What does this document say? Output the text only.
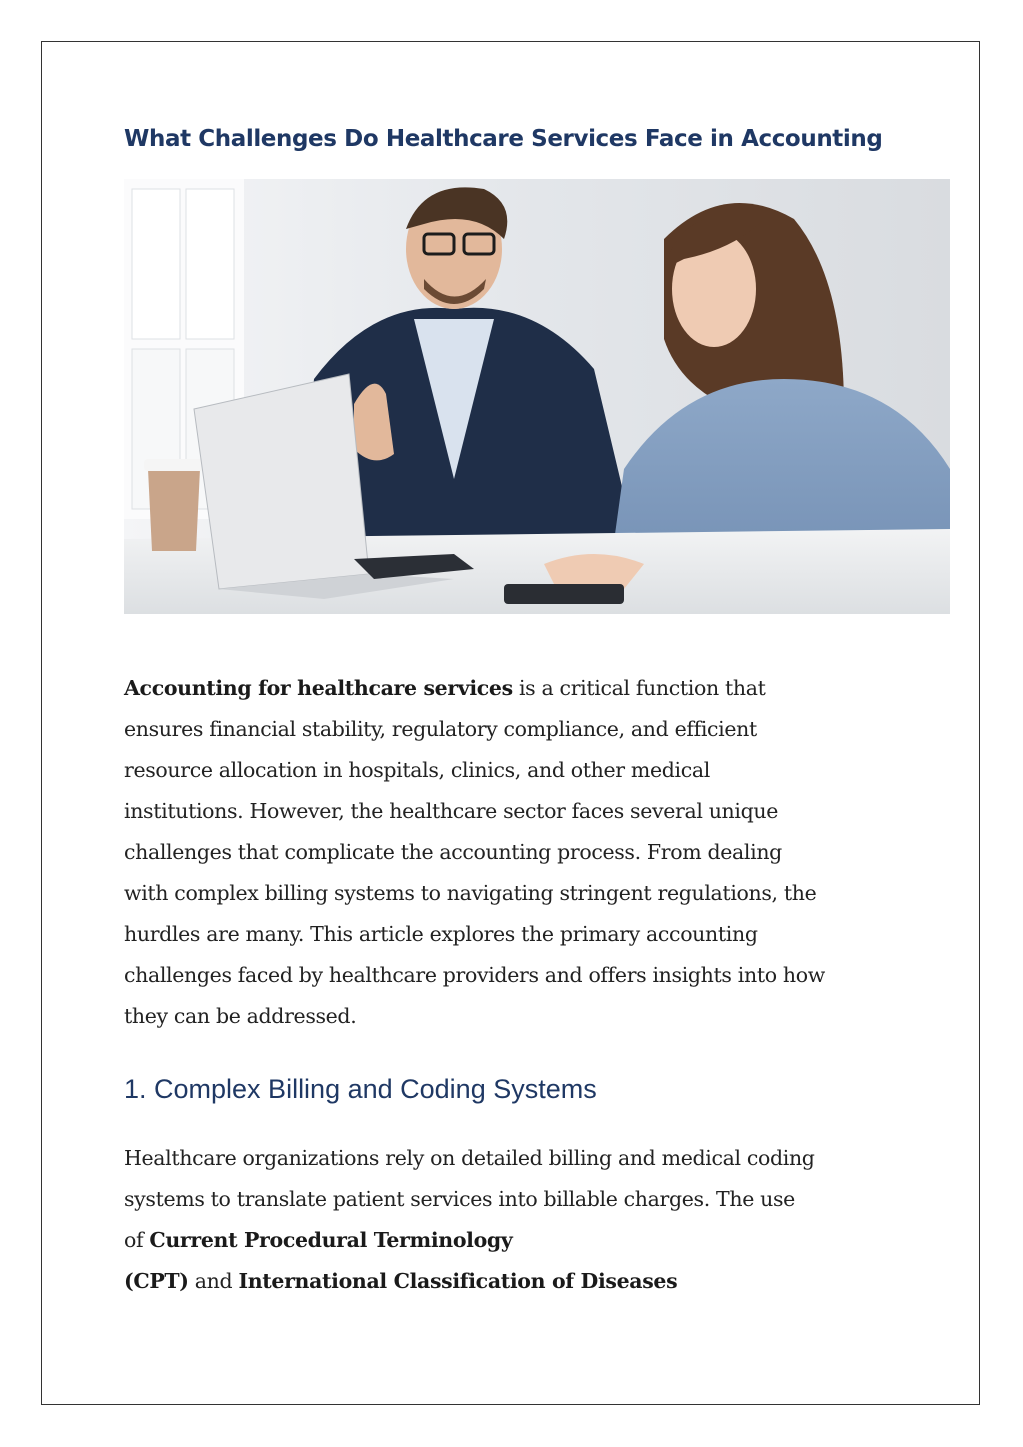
What Challenges Do Healthcare Services Face in Accounting

Accounting for healthcare services is a critical function that
ensures financial stability, regulatory compliance, and efficient
resource allocation in hospitals, clinics, and other medical
institutions. However, the healthcare sector faces several unique
challenges that complicate the accounting process. From dealing
with complex billing systems to navigating stringent regulations, the
hurdles are many. This article explores the primary accounting
challenges faced by healthcare providers and offers insights into how
they can be addressed.

1. Complex Billing and Coding Systems

Healthcare organizations rely on detailed billing and medical coding
systems to translate patient services into billable charges. The use
of Current Procedural Terminology
(CPT) and International Classification of Diseases
